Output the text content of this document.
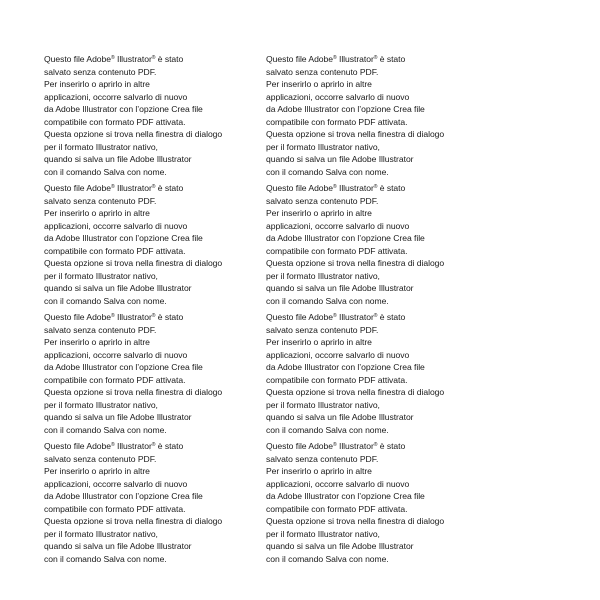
Questo file Adobe® Illustrator® è stato
salvato senza contenuto PDF.
Per inserirlo o aprirlo in altre
applicazioni, occorre salvarlo di nuovo
da Adobe Illustrator con l’opzione Crea file
compatibile con formato PDF attivata.
Questa opzione si trova nella finestra di dialogo
per il formato Illustrator nativo,
quando si salva un file Adobe Illustrator
con il comando Salva con nome.
Questo file Adobe® Illustrator® è stato
salvato senza contenuto PDF.
Per inserirlo o aprirlo in altre
applicazioni, occorre salvarlo di nuovo
da Adobe Illustrator con l’opzione Crea file
compatibile con formato PDF attivata.
Questa opzione si trova nella finestra di dialogo
per il formato Illustrator nativo,
quando si salva un file Adobe Illustrator
con il comando Salva con nome.
Questo file Adobe® Illustrator® è stato
salvato senza contenuto PDF.
Per inserirlo o aprirlo in altre
applicazioni, occorre salvarlo di nuovo
da Adobe Illustrator con l’opzione Crea file
compatibile con formato PDF attivata.
Questa opzione si trova nella finestra di dialogo
per il formato Illustrator nativo,
quando si salva un file Adobe Illustrator
con il comando Salva con nome.
Questo file Adobe® Illustrator® è stato
salvato senza contenuto PDF.
Per inserirlo o aprirlo in altre
applicazioni, occorre salvarlo di nuovo
da Adobe Illustrator con l’opzione Crea file
compatibile con formato PDF attivata.
Questa opzione si trova nella finestra di dialogo
per il formato Illustrator nativo,
quando si salva un file Adobe Illustrator
con il comando Salva con nome.
Questo file Adobe® Illustrator® è stato
salvato senza contenuto PDF.
Per inserirlo o aprirlo in altre
applicazioni, occorre salvarlo di nuovo
da Adobe Illustrator con l’opzione Crea file
compatibile con formato PDF attivata.
Questa opzione si trova nella finestra di dialogo
per il formato Illustrator nativo,
quando si salva un file Adobe Illustrator
con il comando Salva con nome.
Questo file Adobe® Illustrator® è stato
salvato senza contenuto PDF.
Per inserirlo o aprirlo in altre
applicazioni, occorre salvarlo di nuovo
da Adobe Illustrator con l’opzione Crea file
compatibile con formato PDF attivata.
Questa opzione si trova nella finestra di dialogo
per il formato Illustrator nativo,
quando si salva un file Adobe Illustrator
con il comando Salva con nome.
Questo file Adobe® Illustrator® è stato
salvato senza contenuto PDF.
Per inserirlo o aprirlo in altre
applicazioni, occorre salvarlo di nuovo
da Adobe Illustrator con l’opzione Crea file
compatibile con formato PDF attivata.
Questa opzione si trova nella finestra di dialogo
per il formato Illustrator nativo,
quando si salva un file Adobe Illustrator
con il comando Salva con nome.
Questo file Adobe® Illustrator® è stato
salvato senza contenuto PDF.
Per inserirlo o aprirlo in altre
applicazioni, occorre salvarlo di nuovo
da Adobe Illustrator con l’opzione Crea file
compatibile con formato PDF attivata.
Questa opzione si trova nella finestra di dialogo
per il formato Illustrator nativo,
quando si salva un file Adobe Illustrator
con il comando Salva con nome.
